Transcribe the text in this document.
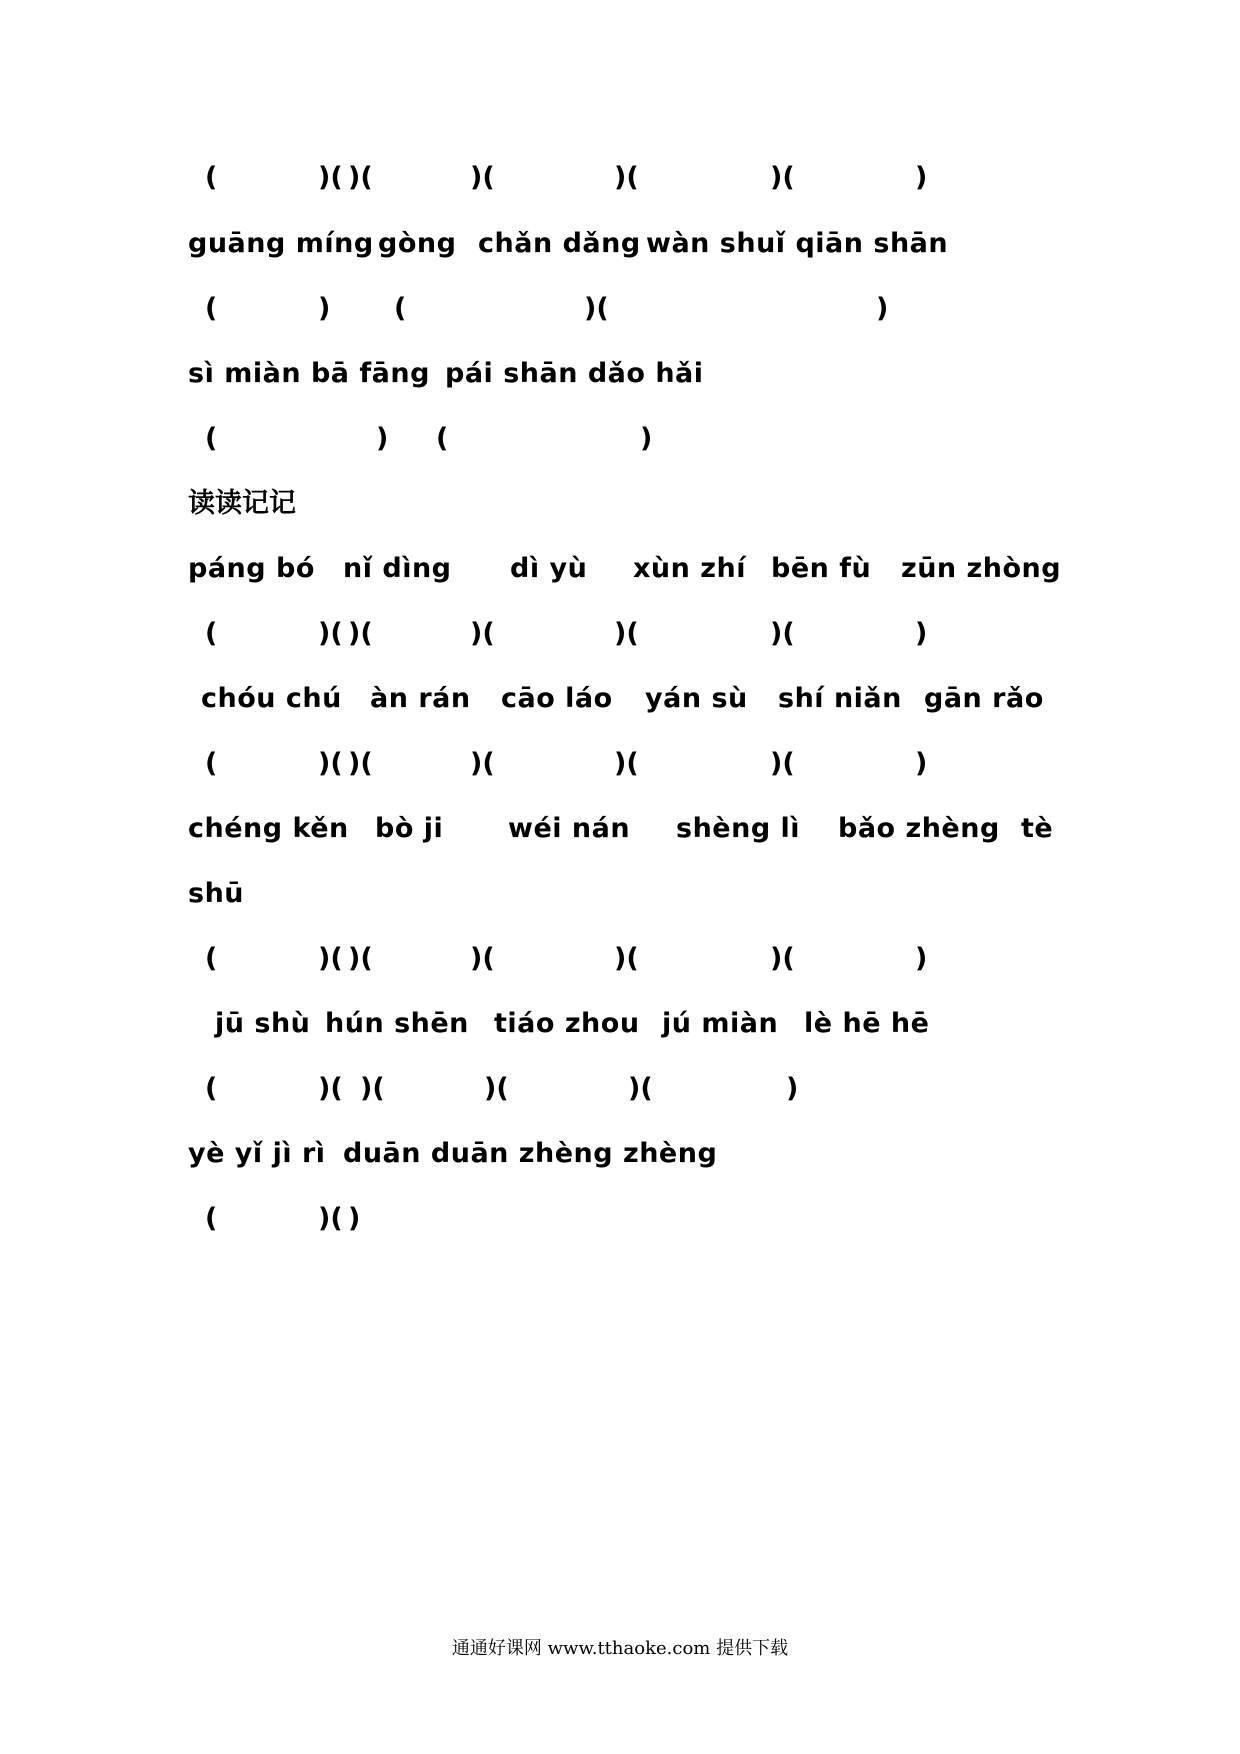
(	)( )(	)(	)(	)(	)
guāng míng gòng chǎn dǎng wàn shuǐ qiān shān
(	) (	)(	)
sì miàn bā fāng pái shān dǎo hǎi
(	) (	)
读读记记
páng bó nǐ dìng dì yù xùn zhí bēn fù zūn zhòng
(	)( )(	)(	)(	)(	)
chóu chú àn rán cāo láo yán sù shí niǎn gān rǎo
(	)( )(	)(	)(	)(	)
chéng kěn bò ji wéi nán shèng lì bǎo zhèng tè
shū
(	)( )(	)(	)(	)(	)
jū shù hún shēn tiáo zhou jú miàn lè hē hē
(	)( )(	)(	)(	)
yè yǐ jì rì duān duān zhèng zhèng
(	)( )
通通好课网 www.tthaoke.com 提供下载
